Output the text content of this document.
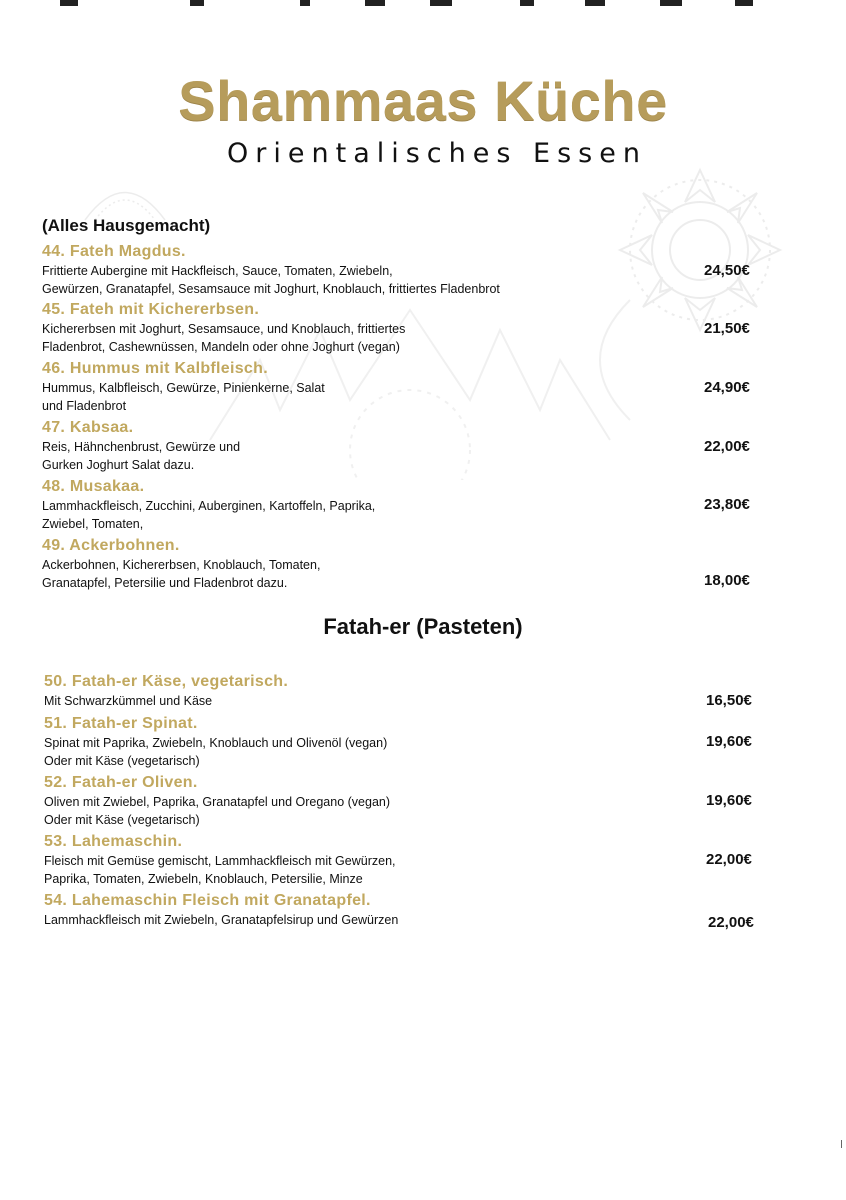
Shammaas Küche
Orientalisches Essen
(Alles Hausgemacht)
44. Fateh Magdus.
Frittierte Aubergine mit Hackfleisch, Sauce, Tomaten, Zwiebeln,
Gewürzen, Granatapfel, Sesamsauce mit Joghurt, Knoblauch, frittiertes Fladenbrot
24,50€
45. Fateh mit Kichererbsen.
Kichererbsen mit Joghurt, Sesamsauce, und Knoblauch, frittiertes
Fladenbrot, Cashewnüssen, Mandeln oder ohne Joghurt (vegan)
21,50€
46. Hummus mit Kalbfleisch.
Hummus, Kalbfleisch, Gewürze, Pinienkerne, Salat
und Fladenbrot
24,90€
47. Kabsaa.
Reis, Hähnchenbrust, Gewürze und
Gurken Joghurt Salat dazu.
22,00€
48. Musakaa.
Lammhackfleisch, Zucchini, Auberginen, Kartoffeln, Paprika,
Zwiebel, Tomaten,
23,80€
49. Ackerbohnen.
Ackerbohnen, Kichererbsen, Knoblauch, Tomaten,
Granatapfel, Petersilie und Fladenbrot dazu.	18,00€
Fatah-er (Pasteten)
50. Fatah-er Käse, vegetarisch.
Mit Schwarzkümmel und Käse	16,50€
51. Fatah-er Spinat.
Spinat mit Paprika, Zwiebeln, Knoblauch und Olivenöl (vegan)
Oder mit Käse (vegetarisch)
19,60€
52. Fatah-er Oliven.
Oliven mit Zwiebel, Paprika, Granatapfel und Oregano (vegan)
Oder mit Käse (vegetarisch)
19,60€
53. Lahemaschin.
Fleisch mit Gemüse gemischt, Lammhackfleisch mit Gewürzen,
Paprika, Tomaten, Zwiebeln, Knoblauch, Petersilie, Minze
22,00€
54. Lahemaschin Fleisch mit Granatapfel.
Lammhackfleisch mit Zwiebeln, Granatapfelsirup und Gewürzen	22,00€
